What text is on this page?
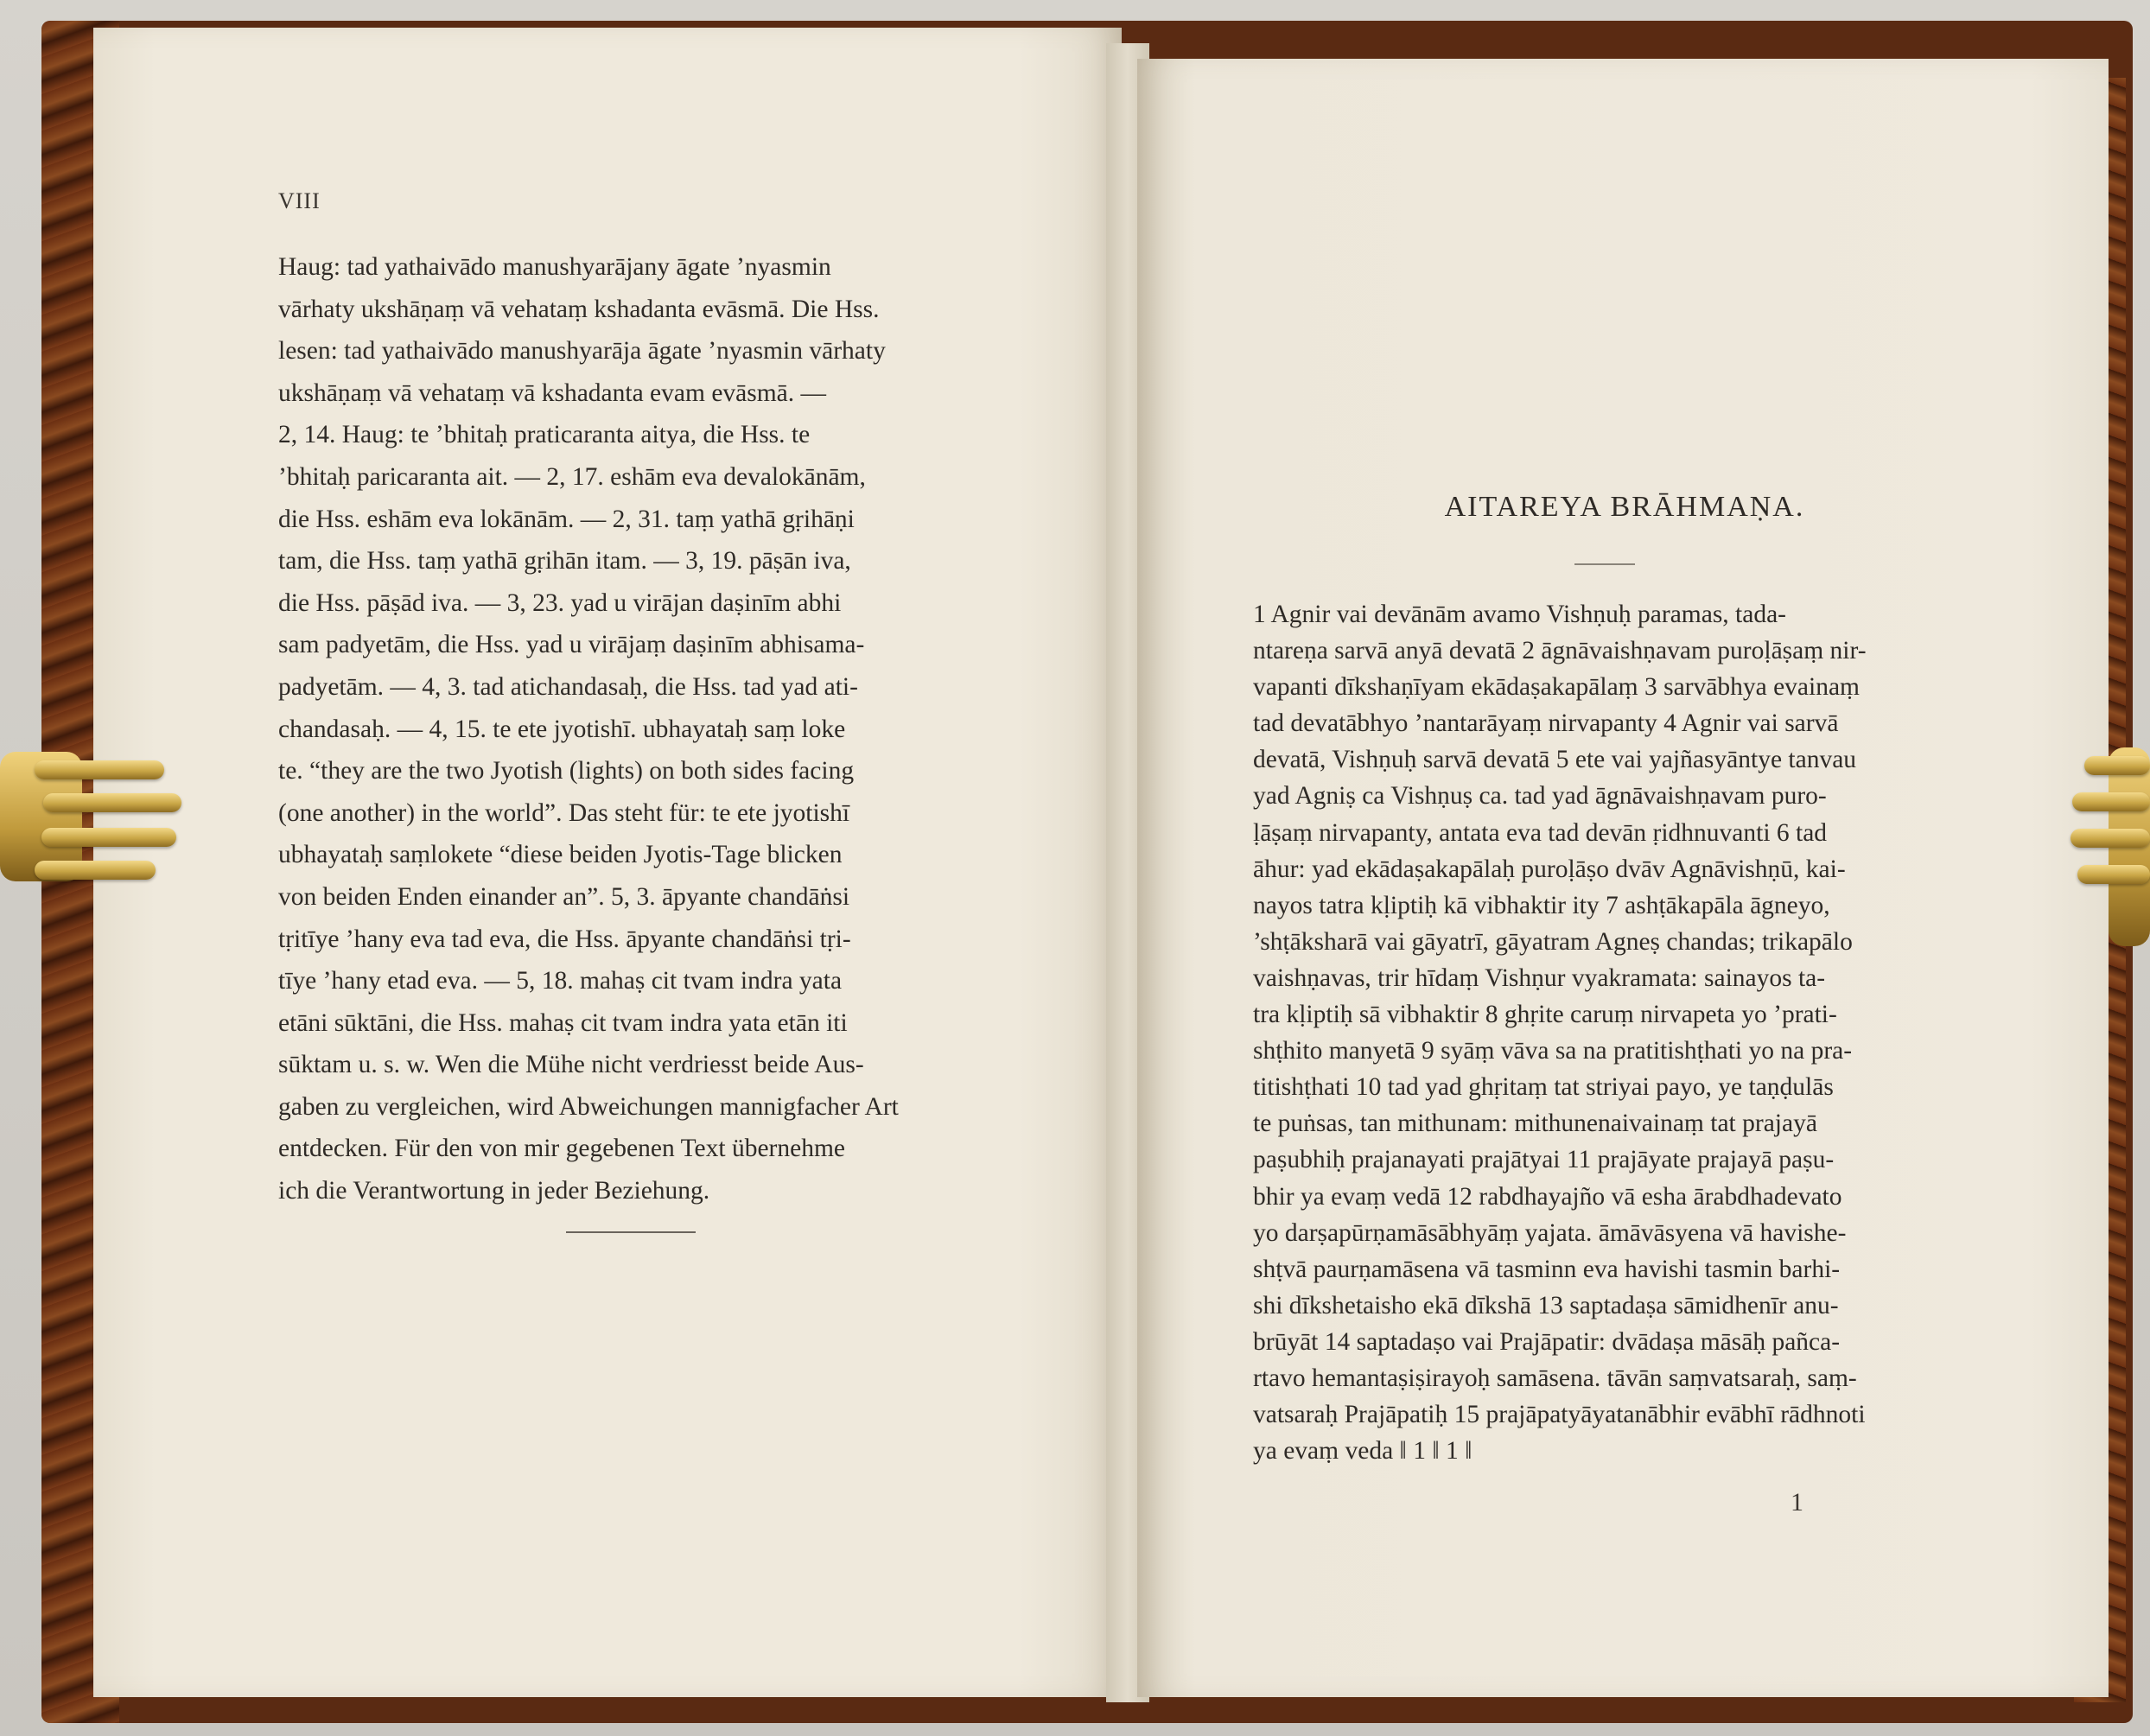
VIII
Haug: tad yathaivādo manushyarājany āgate ’nyasmin
vārhaty ukshāṇaṃ vā vehataṃ kshadanta evāsmā. Die Hss.
lesen: tad yathaivādo manushyarāja āgate ’nyasmin vārhaty
ukshāṇaṃ vā vehataṃ vā kshadanta evam evāsmā. —
2, 14. Haug: te ’bhitaḥ praticaranta aitya, die Hss. te
’bhitaḥ paricaranta ait. — 2, 17. eshām eva devalokānām,
die Hss. eshām eva lokānām. — 2, 31. taṃ yathā gṛihāṇi
tam, die Hss. taṃ yathā gṛihān itam. — 3, 19. pāṣān iva,
die Hss. pāṣād iva. — 3, 23. yad u virājan daṣinīm abhi
sam padyetām, die Hss. yad u virājaṃ daṣinīm abhisama-
padyetām. — 4, 3. tad atichandasaḥ, die Hss. tad yad ati-
chandasaḥ. — 4, 15. te ete jyotishī. ubhayataḥ saṃ loke
te. “they are the two Jyotish (lights) on both sides facing
(one another) in the world”. Das steht für: te ete jyotishī
ubhayataḥ saṃlokete “diese beiden Jyotis-Tage blicken
von beiden Enden einander an”. 5, 3. āpyante chandāṅsi
tṛitīye ’hany eva tad eva, die Hss. āpyante chandāṅsi tṛi-
tīye ’hany etad eva. — 5, 18. mahaṣ cit tvam indra yata
etāni sūktāni, die Hss. mahaṣ cit tvam indra yata etān iti
sūktam u. s. w. Wen die Mühe nicht verdriesst beide Aus-
gaben zu vergleichen, wird Abweichungen mannigfacher Art
entdecken. Für den von mir gegebenen Text übernehme
ich die Verantwortung in jeder Beziehung.
AITAREYA BRĀHMAṆA.
1 Agnir vai devānām avamo Vishṇuḥ paramas, tada-
ntareṇa sarvā anyā devatā 2 āgnāvaishṇavam puroḷāṣaṃ nir-
vapanti dīkshaṇīyam ekādaṣakapālaṃ 3 sarvābhya evainaṃ
tad devatābhyo ’nantarāyaṃ nirvapanty 4 Agnir vai sarvā
devatā, Vishṇuḥ sarvā devatā 5 ete vai yajñasyāntye tanvau
yad Agniṣ ca Vishṇuṣ ca. tad yad āgnāvaishṇavam puro-
ḷāṣaṃ nirvapanty, antata eva tad devān ṛidhnuvanti 6 tad
āhur: yad ekādaṣakapālaḥ puroḷāṣo dvāv Agnāvishṇū, kai-
nayos tatra kḷiptiḥ kā vibhaktir ity 7 ashṭākapāla āgneyo,
’shṭāksharā vai gāyatrī, gāyatram Agneṣ chandas; trikapālo
vaishṇavas, trir hīdaṃ Vishṇur vyakramata: sainayos ta-
tra kḷiptiḥ sā vibhaktir 8 ghṛite caruṃ nirvapeta yo ’prati-
shṭhito manyetā 9 syāṃ vāva sa na pratitishṭhati yo na pra-
titishṭhati 10 tad yad ghṛitaṃ tat striyai payo, ye taṇḍulās
te puṅsas, tan mithunam: mithunenaivainaṃ tat prajayā
paṣubhiḥ prajanayati prajātyai 11 prajāyate prajayā paṣu-
bhir ya evaṃ vedā 12 rabdhayajño vā esha ārabdhadevato
yo darṣapūrṇamāsābhyāṃ yajata. āmāvāsyena vā havishe-
shṭvā paurṇamāsena vā tasminn eva havishi tasmin barhi-
shi dīkshetaisho ekā dīkshā 13 saptadaṣa sāmidhenīr anu-
brūyāt 14 saptadaṣo vai Prajāpatir: dvādaṣa māsāḥ pañca-
rtavo hemantaṣiṣirayoḥ samāsena. tāvān saṃvatsaraḥ, saṃ-
vatsaraḥ Prajāpatiḥ 15 prajāpatyāyatanābhir evābhī rādhnoti
ya evaṃ veda ǁ 1 ǁ 1 ǁ
1
